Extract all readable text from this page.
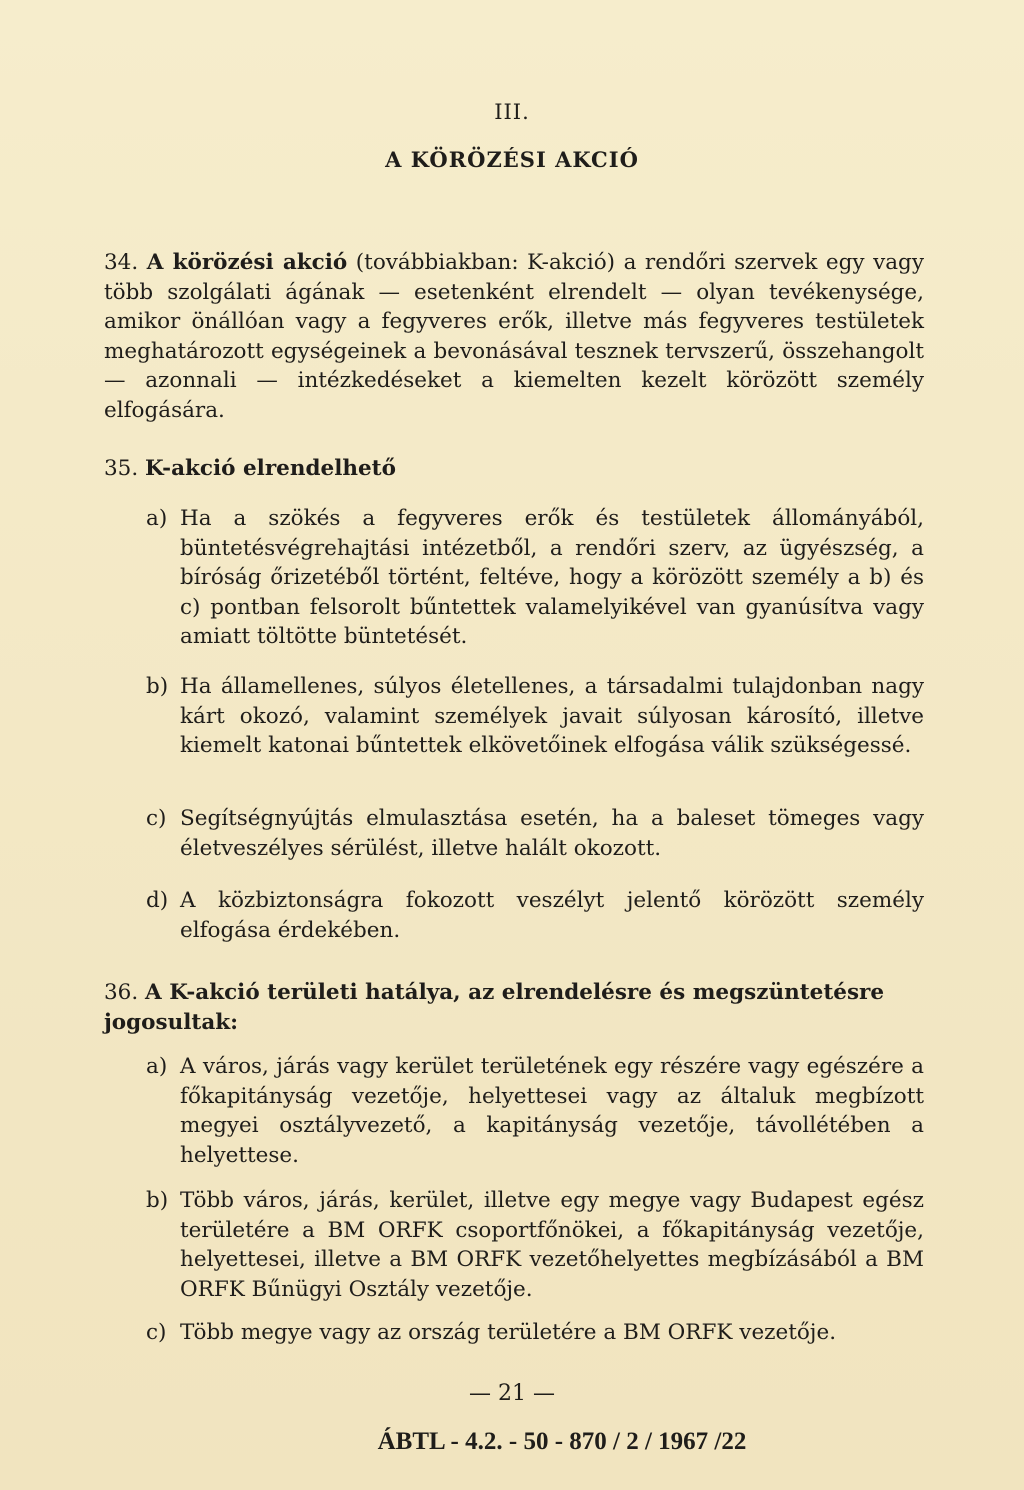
III.
A KÖRÖZÉSI AKCIÓ
34. A körözési akció (továbbiakban: K-akció) a rendőri szervek egy vagy több szolgálati ágának — esetenként elrendelt — olyan tevékenysége, amikor önállóan vagy a fegyveres erők, illetve más fegyveres testületek meghatározott egységeinek a bevonásával tesznek tervszerű, összehangolt — azonnali — intézkedéseket a kiemelten kezelt körözött személy elfogására.
35. K-akció elrendelhető
a) Ha a szökés a fegyveres erők és testületek állományából, büntetésvégrehajtási intézetből, a rendőri szerv, az ügyészség, a bíróság őrizetéből történt, feltéve, hogy a körözött személy a b) és c) pontban felsorolt bűntettek valamelyikével van gyanúsítva vagy amiatt töltötte büntetését.
b) Ha államellenes, súlyos életellenes, a társadalmi tulajdonban nagy kárt okozó, valamint személyek javait súlyosan károsító, illetve kiemelt katonai bűntettek elkövetőinek elfogása válik szükségessé.
c) Segítségnyújtás elmulasztása esetén, ha a baleset tömeges vagy életveszélyes sérülést, illetve halált okozott.
d) A közbiztonságra fokozott veszélyt jelentő körözött személy elfogása érdekében.
36. A K-akció területi hatálya, az elrendelésre és megszüntetésre jogosultak:
a) A város, járás vagy kerület területének egy részére vagy egészére a főkapitányság vezetője, helyettesei vagy az általuk megbízott megyei osztályvezető, a kapitányság vezetője, távollétében a helyettese.
b) Több város, járás, kerület, illetve egy megye vagy Budapest egész területére a BM ORFK csoportfőnökei, a főkapitányság vezetője, helyettesei, illetve a BM ORFK vezetőhelyettes megbízásából a BM ORFK Bűnügyi Osztály vezetője.
c) Több megye vagy az ország területére a BM ORFK vezetője.
— 21 —
ÁBTL - 4.2. - 50 - 870 / 2 / 1967 /22
